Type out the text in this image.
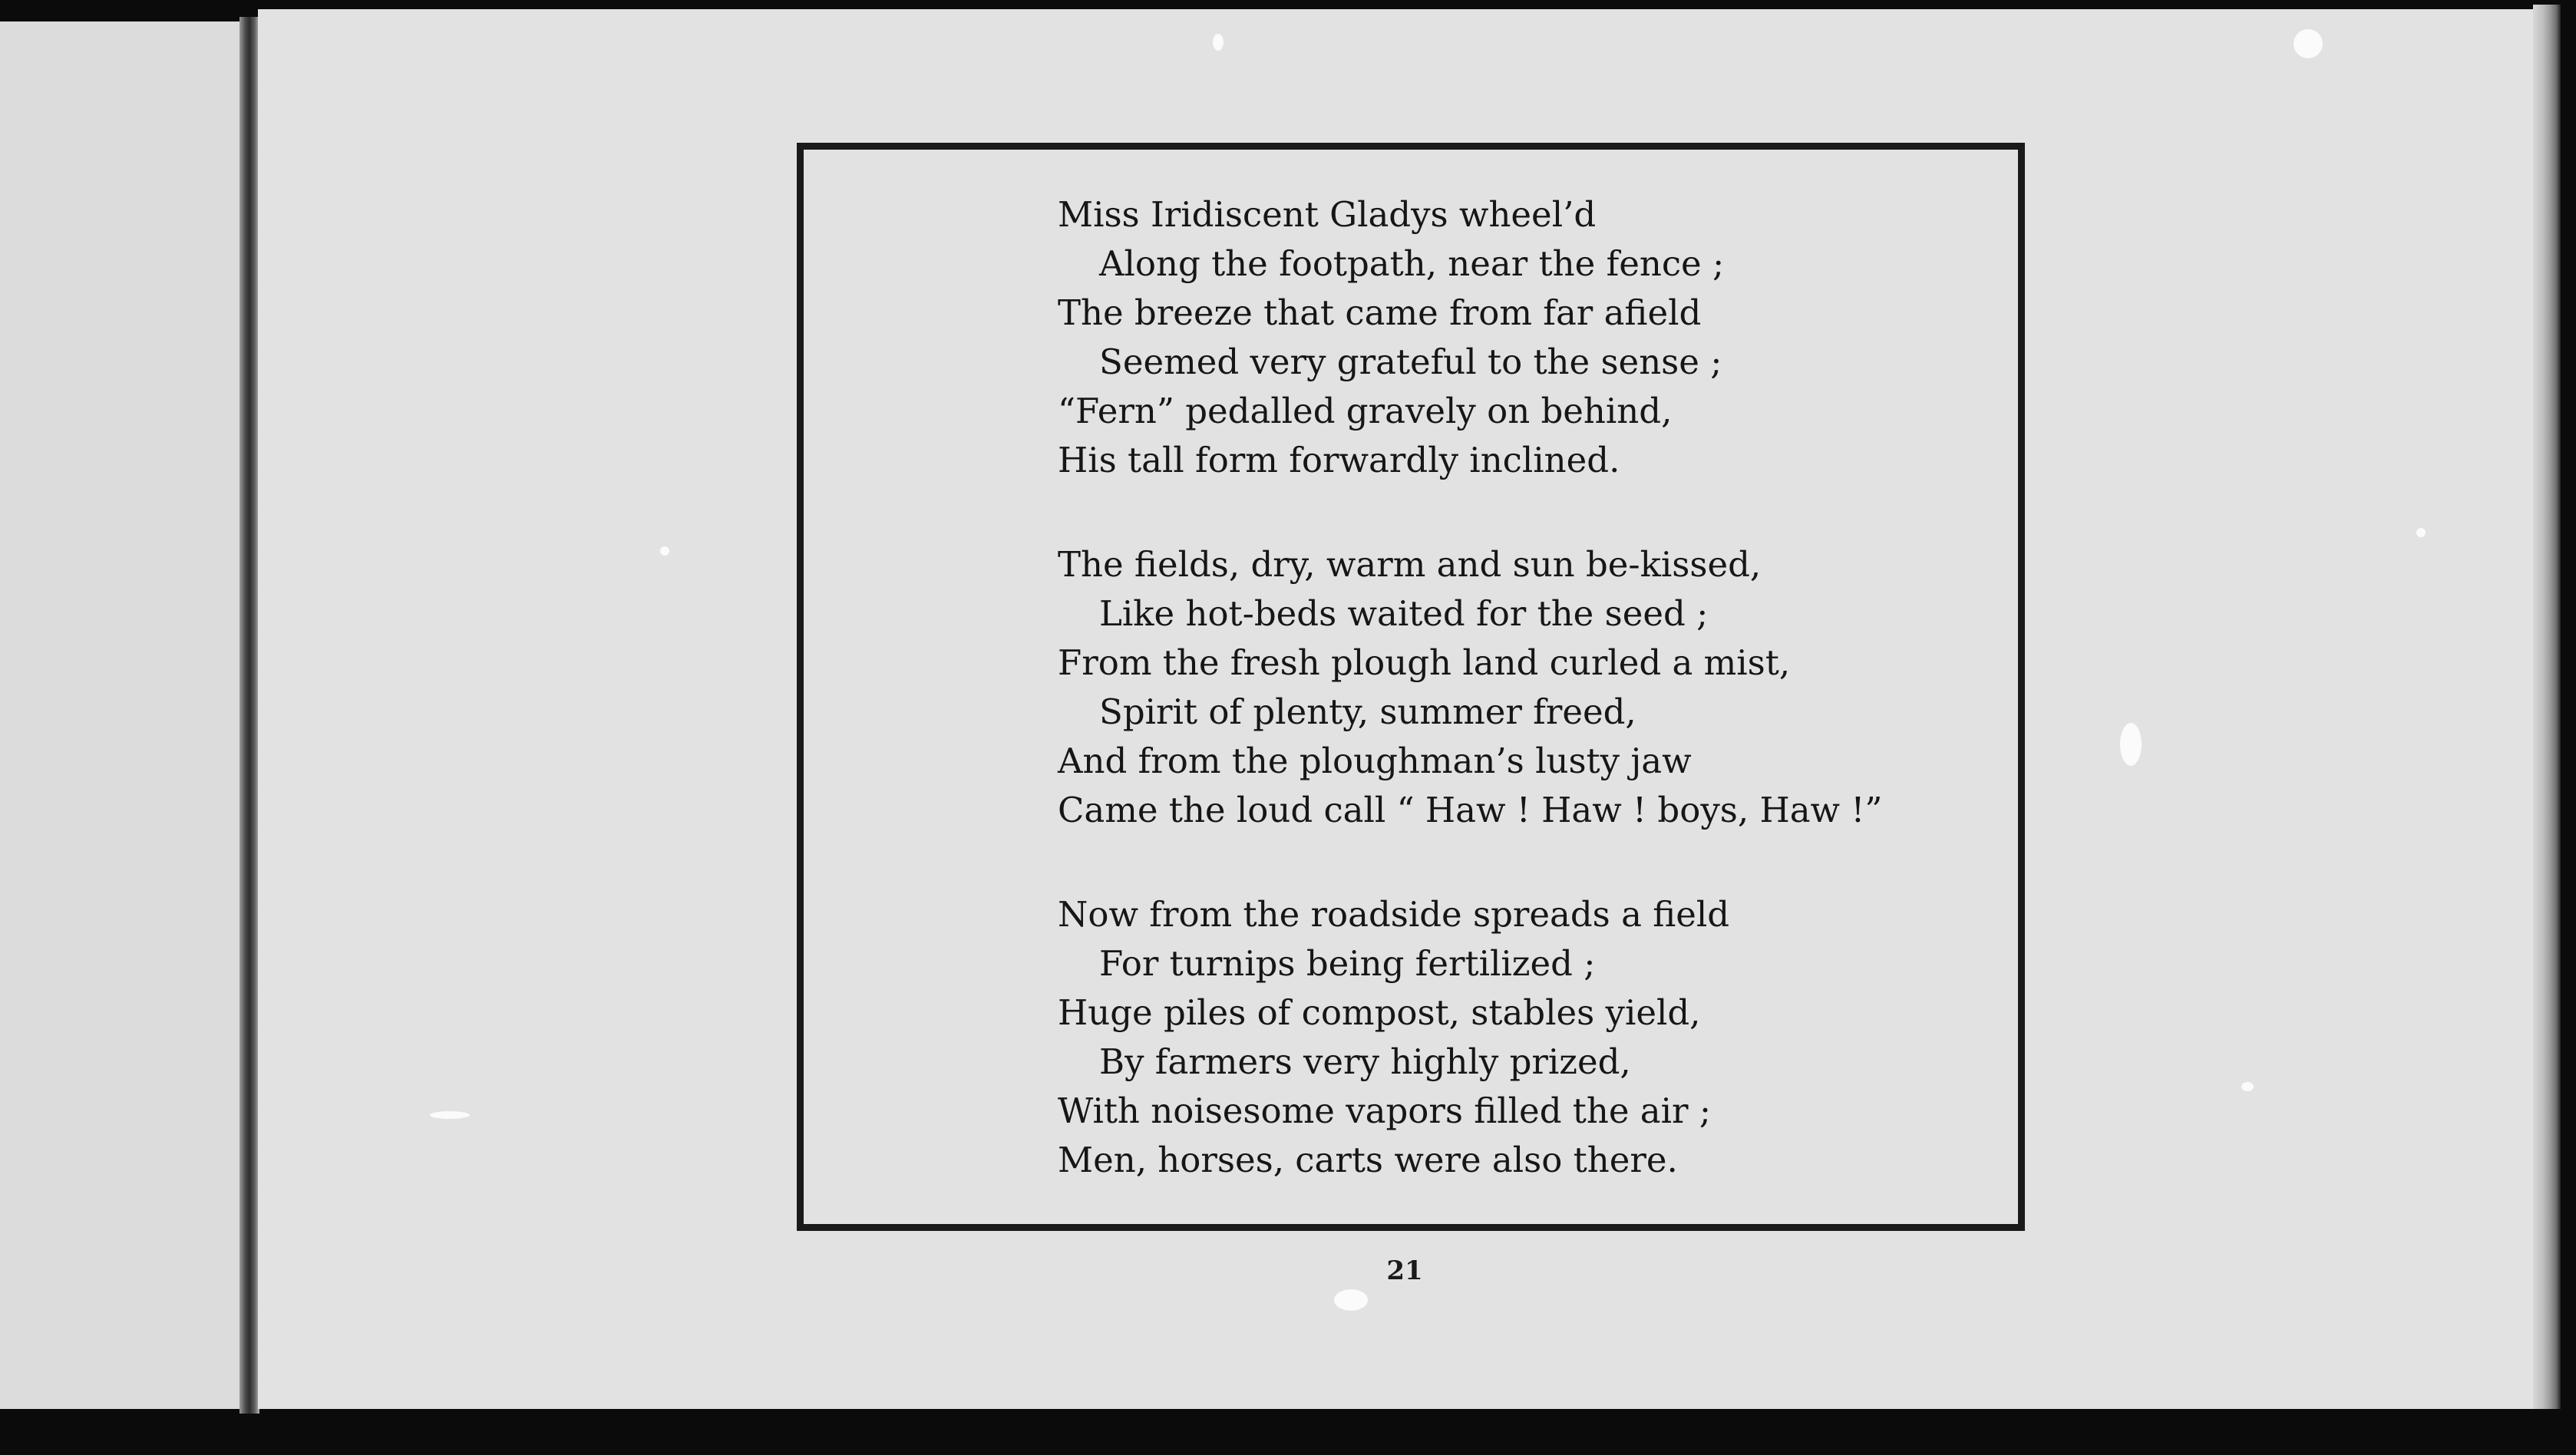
Miss Iridiscent Gladys wheel’d
Along the footpath, near the fence ;
The breeze that came from far afield
Seemed very grateful to the sense ;
“Fern” pedalled gravely on behind,
His tall form forwardly inclined.
The fields, dry, warm and sun be-kissed,
Like hot-beds waited for the seed ;
From the fresh plough land curled a mist,
Spirit of plenty, summer freed,
And from the ploughman’s lusty jaw
Came the loud call “ Haw ! Haw ! boys, Haw !”
Now from the roadside spreads a field
For turnips being fertilized ;
Huge piles of compost, stables yield,
By farmers very highly prized,
With noisesome vapors filled the air ;
Men, horses, carts were also there.
21
